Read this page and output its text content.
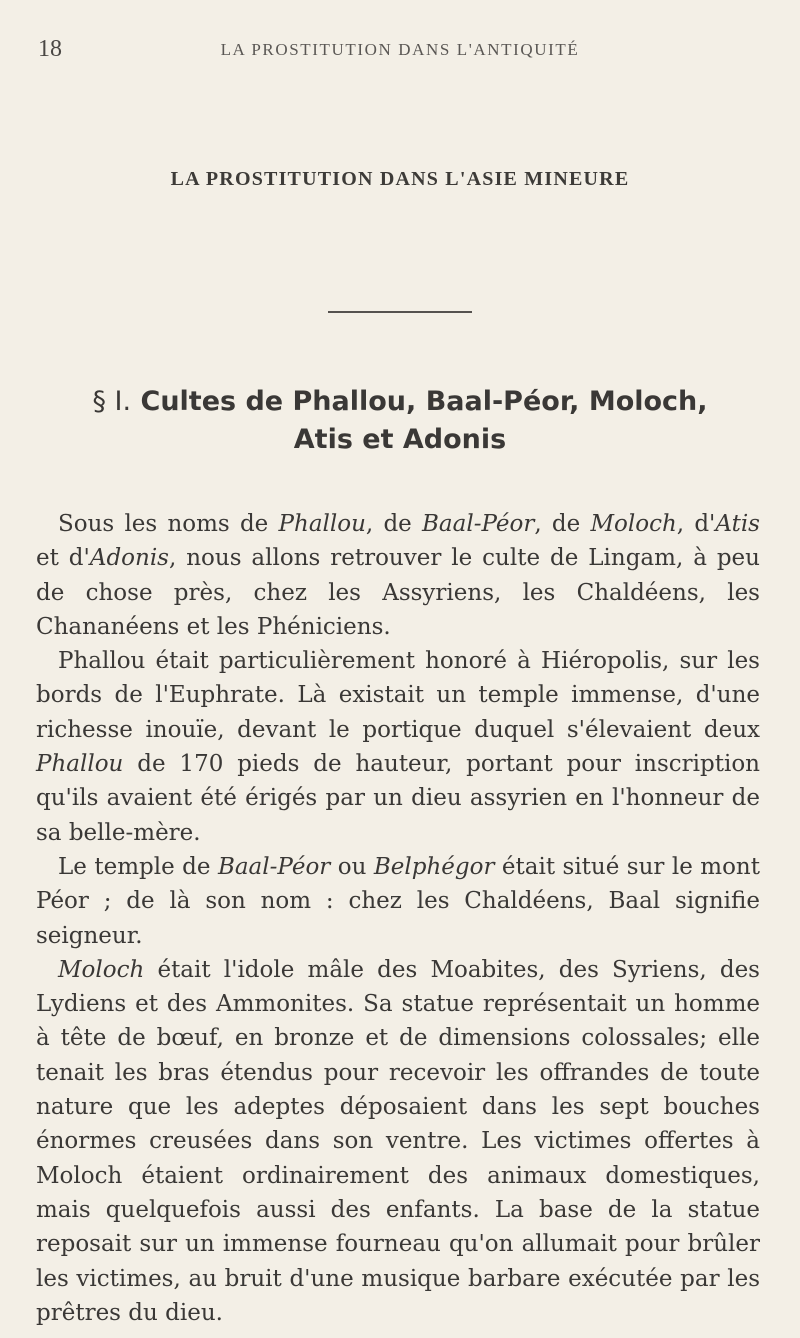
18	LA PROSTITUTION DANS L'ANTIQUITÉ
LA PROSTITUTION DANS L'ASIE MINEURE
§ I. Cultes de Phallou, Baal-Péor, Moloch,
Atis et Adonis

Sous les noms de Phallou, de Baal-Péor, de Moloch, d'Atis et d'Adonis, nous allons retrouver le culte de Lingam, à peu de chose près, chez les Assyriens, les Chaldéens, les Chananéens et les Phéniciens.

Phallou était particulièrement honoré à Hiéropolis, sur les bords de l'Euphrate. Là existait un temple immense, d'une richesse inouïe, devant le portique duquel s'élevaient deux Phallou de 170 pieds de hauteur, portant pour inscription qu'ils avaient été érigés par un dieu assyrien en l'honneur de sa belle-mère.

Le temple de Baal-Péor ou Belphégor était situé sur le mont Péor ; de là son nom : chez les Chaldéens, Baal signifie seigneur.

Moloch était l'idole mâle des Moabites, des Syriens, des Lydiens et des Ammonites. Sa statue représentait un homme à tête de bœuf, en bronze et de dimensions colossales; elle tenait les bras étendus pour recevoir les offrandes de toute nature que les adeptes déposaient dans les sept bouches énormes creusées dans son ventre. Les victimes offertes à Moloch étaient ordinairement des animaux domestiques, mais quelquefois aussi des enfants. La base de la statue reposait sur un immense fourneau qu'on allumait pour brûler les victimes, au bruit d'une musique barbare exécutée par les prêtres du dieu.
